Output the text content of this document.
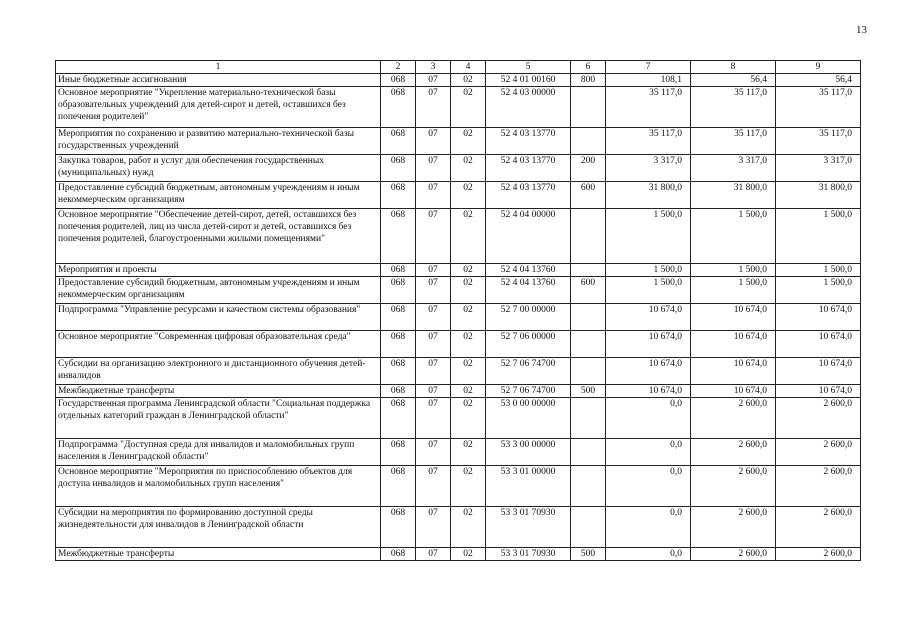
13
1	2	3	4	5	6	7	8	9
Иные бюджетные ассигнования	068	07	02	52 4 01 00160	800	108,1	56,4	56,4
Основное мероприятие "Укрепление материально-технической базы образовательных учреждений для детей-сирот и детей, оставшихся без попечения родителей"	068	07	02	52 4 03 00000		35 117,0	35 117,0	35 117,0
Мероприятия по сохранению и развитию материально-технической базы государственных учреждений	068	07	02	52 4 03 13770		35 117,0	35 117,0	35 117,0
Закупка товаров, работ и услуг для обеспечения государственных (муниципальных) нужд	068	07	02	52 4 03 13770	200	3 317,0	3 317,0	3 317,0
Предоставление субсидий бюджетным, автономным учреждениям и иным некоммерческим организациям	068	07	02	52 4 03 13770	600	31 800,0	31 800,0	31 800,0
Основное мероприятие "Обеспечение детей-сирот, детей, оставшихся без попечения родителей, лиц из числа детей-сирот и детей, оставшихся без попечения родителей, благоустроенными жилыми помещениями"	068	07	02	52 4 04 00000		1 500,0	1 500,0	1 500,0
Мероприятия и проекты	068	07	02	52 4 04 13760		1 500,0	1 500,0	1 500,0
Предоставление субсидий бюджетным, автономным учреждениям и иным некоммерческим организациям	068	07	02	52 4 04 13760	600	1 500,0	1 500,0	1 500,0
Подпрограмма "Управление ресурсами и качеством системы образования"	068	07	02	52 7 00 00000		10 674,0	10 674,0	10 674,0
Основное мероприятие "Современная цифровая образовательная среда"	068	07	02	52 7 06 00000		10 674,0	10 674,0	10 674,0
Субсидии на организацию электронного и дистанционного обучения детей-инвалидов	068	07	02	52 7 06 74700		10 674,0	10 674,0	10 674,0
Межбюджетные трансферты	068	07	02	52 7 06 74700	500	10 674,0	10 674,0	10 674,0
Государственная программа Ленинградской области "Социальная поддержка отдельных категорий граждан в Ленинградской области"	068	07	02	53 0 00 00000		0,0	2 600,0	2 600,0
Подпрограмма "Доступная среда для инвалидов и маломобильных групп населения в Ленинградской области"	068	07	02	53 3 00 00000		0,0	2 600,0	2 600,0
Основное мероприятие "Мероприятия по приспособлению объектов для доступа инвалидов и маломобильных групп населения"	068	07	02	53 3 01 00000		0,0	2 600,0	2 600,0
Субсидии на мероприятия по формированию доступной среды жизнедеятельности для инвалидов в Ленинградской области	068	07	02	53 3 01 70930		0,0	2 600,0	2 600,0
Межбюджетные трансферты	068	07	02	53 3 01 70930	500	0,0	2 600,0	2 600,0
